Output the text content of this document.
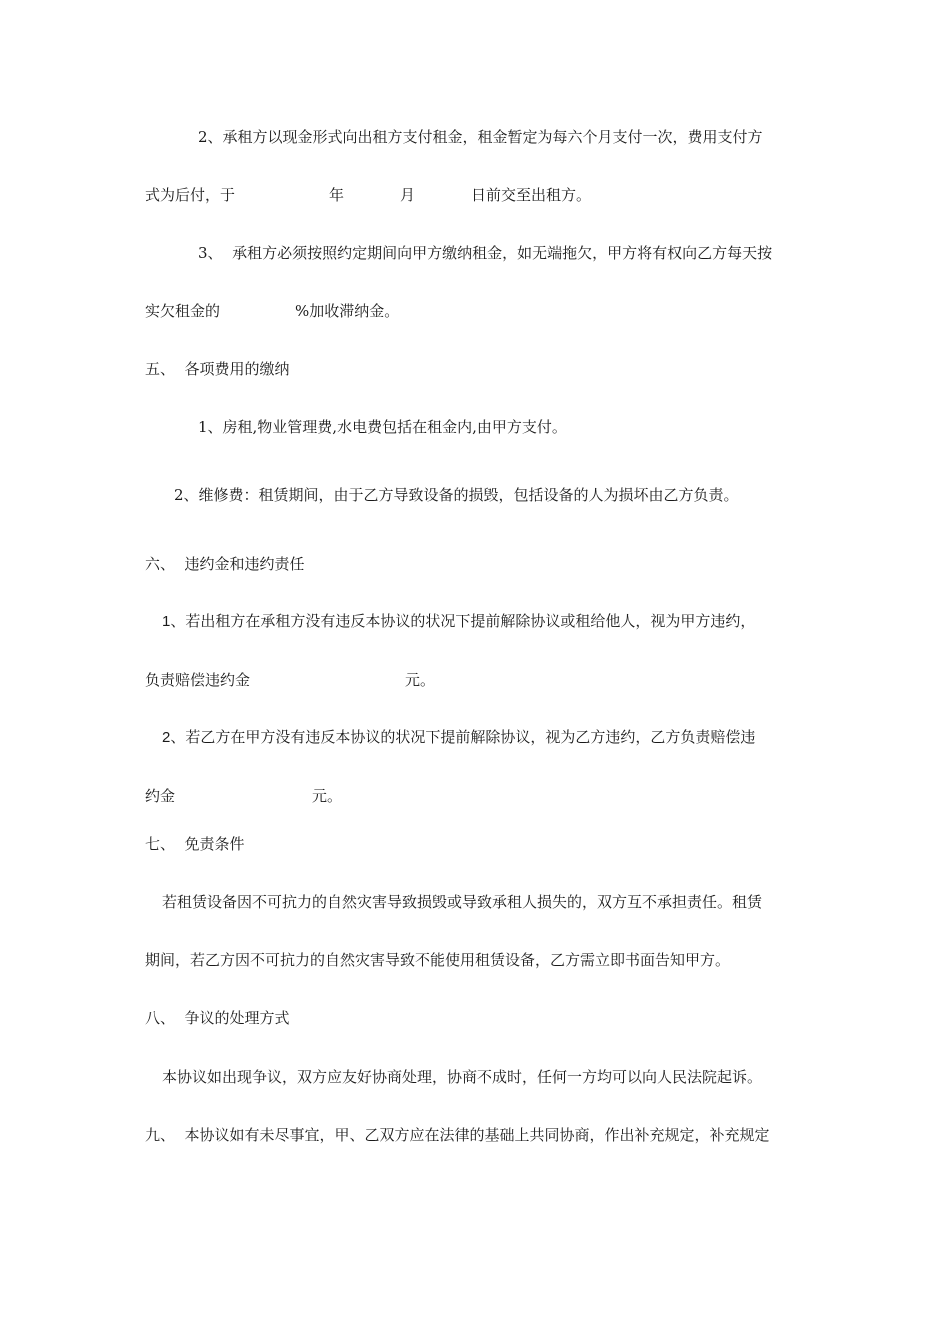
2、承租方以现金形式向出租方支付租金，租金暂定为每六个月支付一次，费用支付方

式为后付，于	年	月	日前交至出租方。

3、  承租方必须按照约定期间向甲方缴纳租金，如无端拖欠，甲方将有权向乙方每天按

实欠租金的	%加收滞纳金。

五、  各项费用的缴纳

1、房租,物业管理费,水电费包括在租金内,由甲方支付。

2、维修费：租赁期间，由于乙方导致设备的损毁，包括设备的人为损坏由乙方负责。

六、  违约金和违约责任

1、若出租方在承租方没有违反本协议的状况下提前解除协议或租给他人，视为甲方违约，

负责赔偿违约金	元。

2、若乙方在甲方没有违反本协议的状况下提前解除协议，视为乙方违约，乙方负责赔偿违

约金	元。

七、  免责条件

若租赁设备因不可抗力的自然灾害导致损毁或导致承租人损失的，双方互不承担责任。租赁

期间，若乙方因不可抗力的自然灾害导致不能使用租赁设备，乙方需立即书面告知甲方。

八、  争议的处理方式

本协议如出现争议，双方应友好协商处理，协商不成时，任何一方均可以向人民法院起诉。

九、  本协议如有未尽事宜，甲、乙双方应在法律的基础上共同协商，作出补充规定，补充规定
